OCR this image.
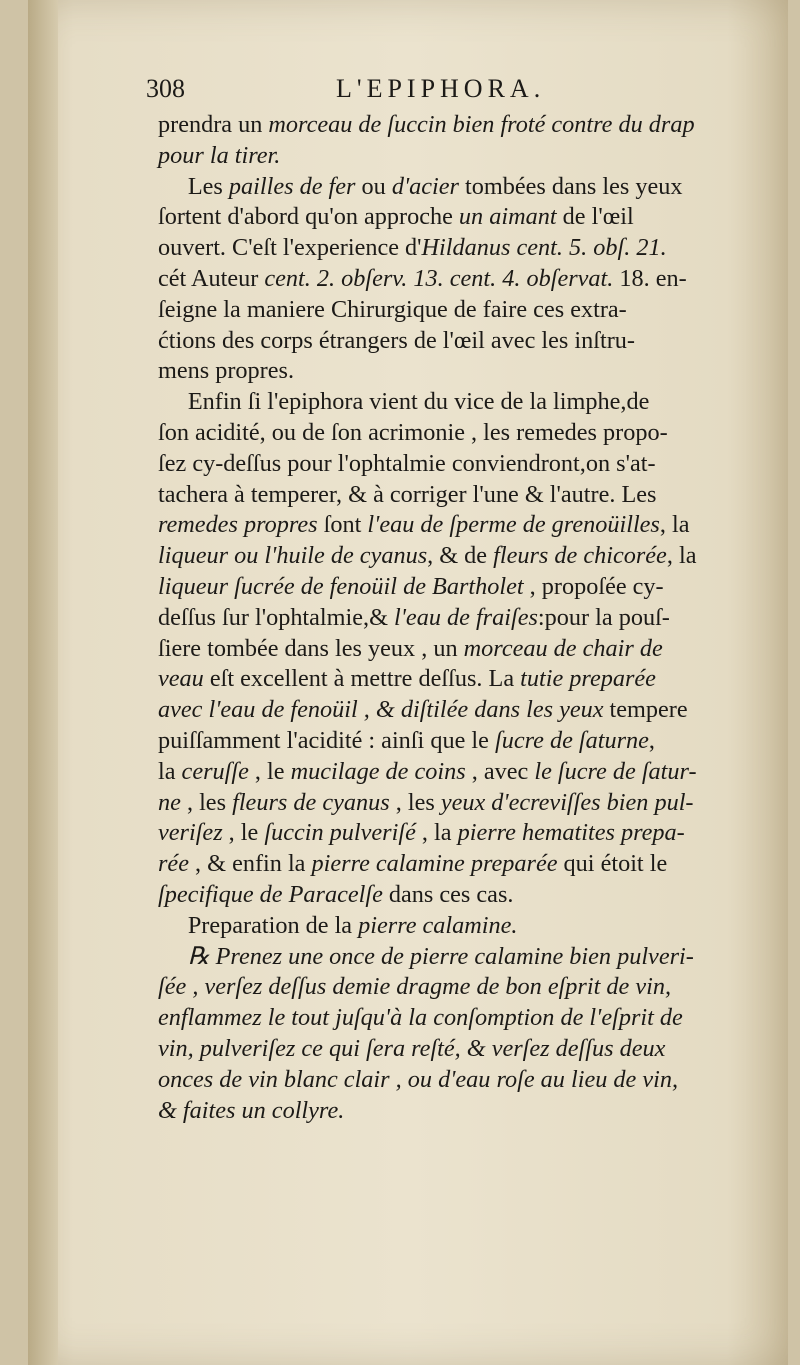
308	L'EPIPHORA.
prendra un morceau de ſuccin bien froté contre du drap
pour la tirer.
Les pailles de fer ou d'acier tombées dans les yeux
ſortent d'abord qu'on approche un aimant de l'œil
ouvert. C'eſt l'experience d'Hildanus cent. 5. obſ. 21.
cét Auteur cent. 2. obſerv. 13. cent. 4. obſervat. 18. en-
ſeigne la maniere Chirurgique de faire ces extra-
ćtions des corps étrangers de l'œil avec les inſtru-
mens propres.
Enfin ſi l'epiphora vient du vice de la limphe,de
ſon acidité, ou de ſon acrimonie , les remedes propo-
ſez cy-deſſus pour l'ophtalmie conviendront,on s'at-
tachera à temperer, & à corriger l'une & l'autre. Les
remedes propres ſont l'eau de ſperme de grenoüilles, la
liqueur ou l'huile de cyanus, & de fleurs de chicorée, la
liqueur ſucrée de fenoüil de Bartholet , propoſée cy-
deſſus ſur l'ophtalmie,& l'eau de fraiſes:pour la pouſ-
ſiere tombée dans les yeux , un morceau de chair de
veau eſt excellent à mettre deſſus. La tutie preparée
avec l'eau de fenoüil , & diſtilée dans les yeux tempere
puiſſamment l'acidité : ainſi que le ſucre de ſaturne,
la ceruſſe , le mucilage de coins , avec le ſucre de ſatur-
ne , les fleurs de cyanus , les yeux d'ecreviſſes bien pul-
veriſez , le ſuccin pulveriſé , la pierre hematites prepa-
rée , & enfin la pierre calamine preparée qui étoit le
ſpecifique de Paracelſe dans ces cas.
Preparation de la pierre calamine.
℞ Prenez une once de pierre calamine bien pulveri-
ſée , verſez deſſus demie dragme de bon eſprit de vin,
enflammez le tout juſqu'à la conſomption de l'eſprit de
vin, pulveriſez ce qui ſera reſté, & verſez deſſus deux
onces de vin blanc clair , ou d'eau roſe au lieu de vin,
& faites un collyre.
